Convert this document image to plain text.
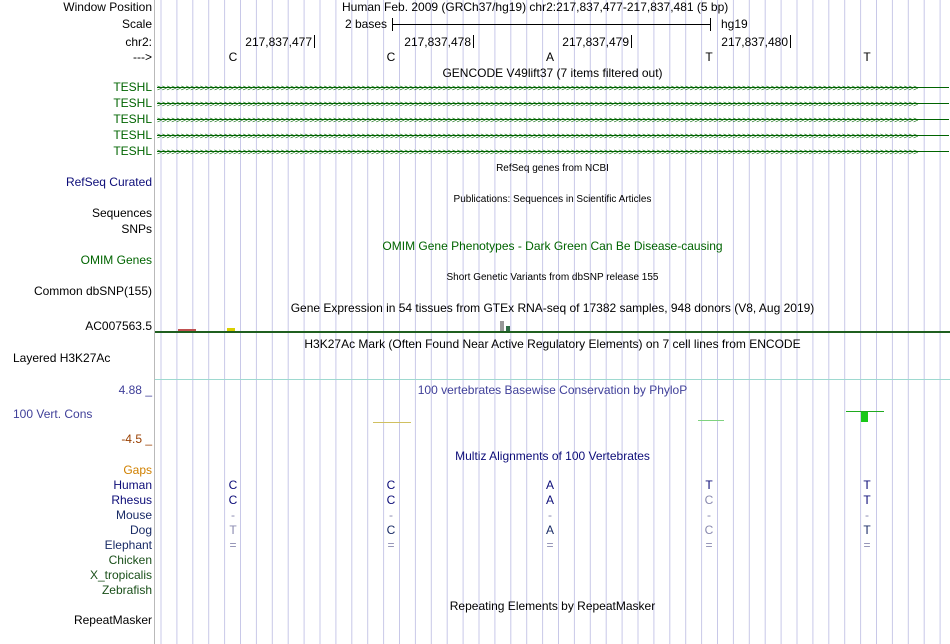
Window Position
Scale
chr2:
--->
Human Feb. 2009 (GRCh37/hg19) chr2:217,837,477-217,837,481 (5 bp)
2 bases	hg19
217,837,477	217,837,478	217,837,479	217,837,480
C	C	A	T	T
GENCODE V49lift37 (7 items filtered out)
TESHL >>>>>>>>>>>>>>>>>>>>>>>>>>>>>>>>>>>>>>>>>>>>>>>>>>>>>>>>>>>>>>>>>>>>>>>>>>>>>>>>>>>>>>>>>>>>>>>>>>>>>>>>>>>>>>>>>>>>>>>>>>>>>>>>>>>>>>>>>>>>>>>>>>>>>>>>>>>>>>>>
TESHL >>>>>>>>>>>>>>>>>>>>>>>>>>>>>>>>>>>>>>>>>>>>>>>>>>>>>>>>>>>>>>>>>>>>>>>>>>>>>>>>>>>>>>>>>>>>>>>>>>>>>>>>>>>>>>>>>>>>>>>>>>>>>>>>>>>>>>>>>>>>>>>>>>>>>>>>>>>>>>>>
TESHL >>>>>>>>>>>>>>>>>>>>>>>>>>>>>>>>>>>>>>>>>>>>>>>>>>>>>>>>>>>>>>>>>>>>>>>>>>>>>>>>>>>>>>>>>>>>>>>>>>>>>>>>>>>>>>>>>>>>>>>>>>>>>>>>>>>>>>>>>>>>>>>>>>>>>>>>>>>>>>>>
TESHL >>>>>>>>>>>>>>>>>>>>>>>>>>>>>>>>>>>>>>>>>>>>>>>>>>>>>>>>>>>>>>>>>>>>>>>>>>>>>>>>>>>>>>>>>>>>>>>>>>>>>>>>>>>>>>>>>>>>>>>>>>>>>>>>>>>>>>>>>>>>>>>>>>>>>>>>>>>>>>>>
TESHL >>>>>>>>>>>>>>>>>>>>>>>>>>>>>>>>>>>>>>>>>>>>>>>>>>>>>>>>>>>>>>>>>>>>>>>>>>>>>>>>>>>>>>>>>>>>>>>>>>>>>>>>>>>>>>>>>>>>>>>>>>>>>>>>>>>>>>>>>>>>>>>>>>>>>>>>>>>>>>>>
RefSeq genes from NCBI
RefSeq Curated
Publications: Sequences in Scientific Articles
Sequences
SNPs
OMIM Gene Phenotypes - Dark Green Can Be Disease-causing
OMIM Genes
Short Genetic Variants from dbSNP release 155
Common dbSNP(155)
Gene Expression in 54 tissues from GTEx RNA-seq of 17382 samples, 948 donors (V8, Aug 2019)
AC007563.5
H3K27Ac Mark (Often Found Near Active Regulatory Elements) on 7 cell lines from ENCODE
Layered H3K27Ac
4.88 _	100 vertebrates Basewise Conservation by PhyloP
100 Vert. Cons
-4.5 _
Multiz Alignments of 100 Vertebrates
Gaps
Human	C	C	A	T	T
Rhesus	C	C	A	C	T
Mouse	-	-	-	-	-
Dog	T	C	A	C	T
Elephant	=	=	=	=	=
Chicken
X_tropicalis
Zebrafish
Repeating Elements by RepeatMasker
RepeatMasker
